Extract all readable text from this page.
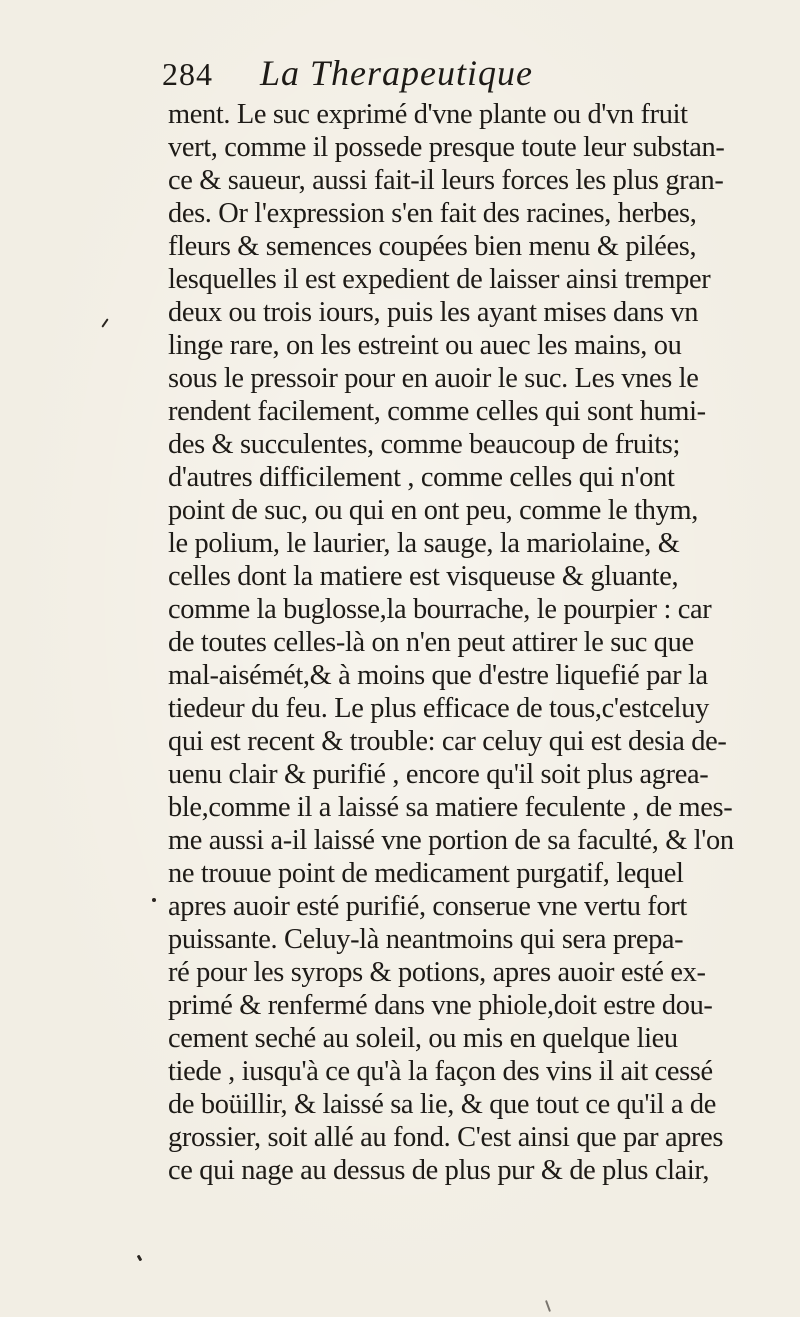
284 La Therapeutique
ment. Le suc exprimé d'vne plante ou d'vn fruit
vert, comme il possede presque toute leur substan-
ce & saueur, aussi fait-il leurs forces les plus gran-
des. Or l'expression s'en fait des racines, herbes,
fleurs & semences coupées bien menu & pilées,
lesquelles il est expedient de laisser ainsi tremper
deux ou trois iours, puis les ayant mises dans vn
linge rare, on les estreint ou auec les mains, ou
sous le pressoir pour en auoir le suc. Les vnes le
rendent facilement, comme celles qui sont humi-
des & succulentes, comme beaucoup de fruits;
d'autres difficilement , comme celles qui n'ont
point de suc, ou qui en ont peu, comme le thym,
le polium, le laurier, la sauge, la mariolaine, &
celles dont la matiere est visqueuse & gluante,
comme la buglosse,la bourrache, le pourpier : car
de toutes celles-là on n'en peut attirer le suc que
mal-aisémét,& à moins que d'estre liquefié par la
tiedeur du feu. Le plus efficace de tous,c'estceluy
qui est recent & trouble: car celuy qui est desia de-
uenu clair & purifié , encore qu'il soit plus agrea-
ble,comme il a laissé sa matiere feculente , de mes-
me aussi a-il laissé vne portion de sa faculté, & l'on
ne trouue point de medicament purgatif, lequel
apres auoir esté purifié, conserue vne vertu fort
puissante. Celuy-là neantmoins qui sera prepa-
ré pour les syrops & potions, apres auoir esté ex-
primé & renfermé dans vne phiole,doit estre dou-
cement seché au soleil, ou mis en quelque lieu
tiede , iusqu'à ce qu'à la façon des vins il ait cessé
de boüillir, & laissé sa lie, & que tout ce qu'il a de
grossier, soit allé au fond. C'est ainsi que par apres
ce qui nage au dessus de plus pur & de plus clair,
